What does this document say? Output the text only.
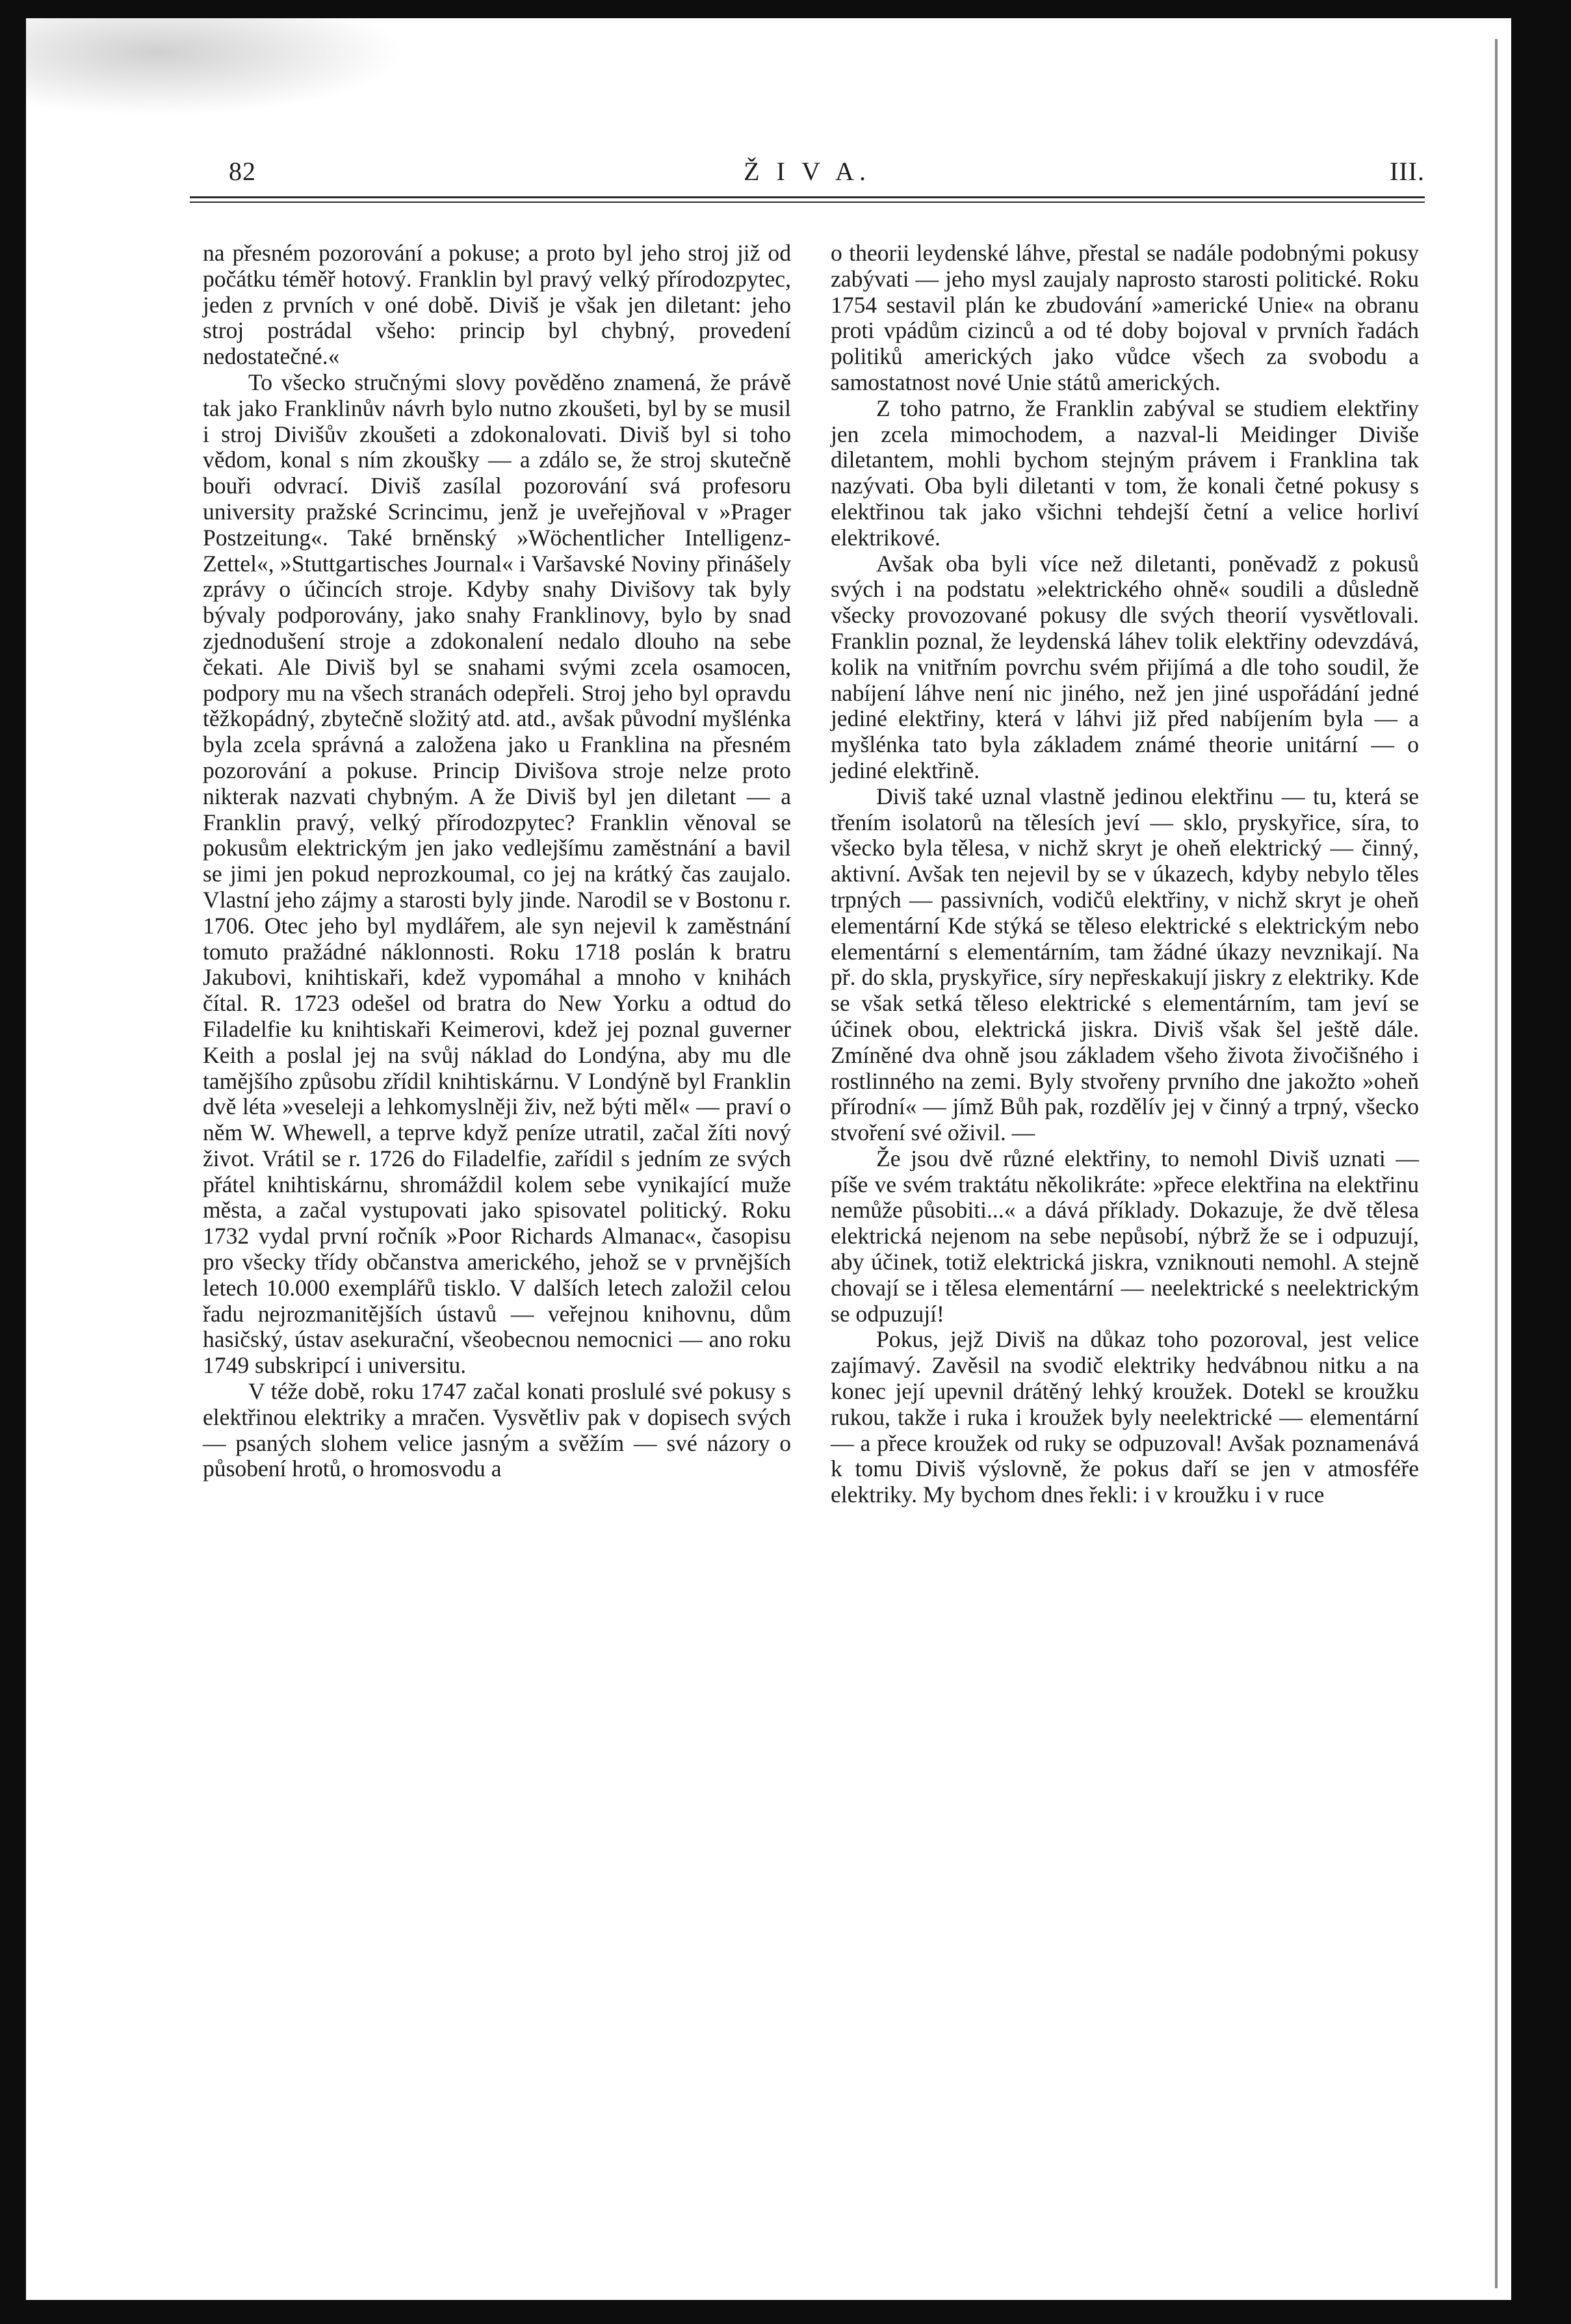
82	Ž I V A.	III.

na přesném pozorování a pokuse; a proto byl jeho stroj již od počátku téměř hotový. Franklin byl pravý velký přírodozpytec, jeden z prvních v oné době. Diviš je však jen diletant: jeho stroj postrádal všeho: princip byl chybný, provedení nedostatečné.«

To všecko stručnými slovy pověděno znamená, že právě tak jako Franklinův návrh bylo nutno zkoušeti, byl by se musil i stroj Divišův zkoušeti a zdokonalovati. Diviš byl si toho vědom, konal s ním zkoušky — a zdálo se, že stroj skutečně bouři odvrací. Diviš zasílal pozorování svá profesoru university pražské Scrincimu, jenž je uveřejňoval v »Prager Postzeitung«. Také brněnský »Wöchentlicher Intelligenz-Zettel«, »Stuttgartisches Journal« i Varšavské Noviny přinášely zprávy o účincích stroje. Kdyby snahy Divišovy tak byly bývaly podporovány, jako snahy Franklinovy, bylo by snad zjednodušení stroje a zdokonalení nedalo dlouho na sebe čekati. Ale Diviš byl se snahami svými zcela osamocen, podpory mu na všech stranách odepřeli. Stroj jeho byl opravdu těžkopádný, zbytečně složitý atd. atd., avšak původní myšlénka byla zcela správná a založena jako u Franklina na přesném pozorování a pokuse. Princip Divišova stroje nelze proto nikterak nazvati chybným. A že Diviš byl jen diletant — a Franklin pravý, velký přírodozpytec? Franklin věnoval se pokusům elektrickým jen jako vedlejšímu zaměstnání a bavil se jimi jen pokud neprozkoumal, co jej na krátký čas zaujalo. Vlastní jeho zájmy a starosti byly jinde. Narodil se v Bostonu r. 1706. Otec jeho byl mydlářem, ale syn nejevil k zaměstnání tomuto pražádné náklonnosti. Roku 1718 poslán k bratru Jakubovi, knihtiskaři, kdež vypomáhal a mnoho v knihách čítal. R. 1723 odešel od bratra do New Yorku a odtud do Filadelfie ku knihtiskaři Keimerovi, kdež jej poznal guverner Keith a poslal jej na svůj náklad do Londýna, aby mu dle tamějšího způsobu zřídil knihtiskárnu. V Londýně byl Franklin dvě léta »veseleji a lehkomyslněji živ, než býti měl« — praví o něm W. Whewell, a teprve když peníze utratil, začal žíti nový život. Vrátil se r. 1726 do Filadelfie, zařídil s jedním ze svých přátel knihtiskárnu, shromáždil kolem sebe vynikající muže města, a začal vystupovati jako spisovatel politický. Roku 1732 vydal první ročník »Poor Richards Almanac«, časopisu pro všecky třídy občanstva amerického, jehož se v prvnějších letech 10.000 exemplářů tisklo. V dalších letech založil celou řadu nejrozmanitějších ústavů — veřejnou knihovnu, dům hasičský, ústav asekurační, všeobecnou nemocnici — ano roku 1749 subskripcí i universitu.

V téže době, roku 1747 začal konati proslulé své pokusy s elektřinou elektriky a mračen. Vysvětliv pak v dopisech svých — psaných slohem velice jasným a svěžím — své názory o působení hrotů, o hromosvodu a

o theorii leydenské láhve, přestal se nadále podobnými pokusy zabývati — jeho mysl zaujaly naprosto starosti politické. Roku 1754 sestavil plán ke zbudování »americké Unie« na obranu proti vpádům cizinců a od té doby bojoval v prvních řadách politiků amerických jako vůdce všech za svobodu a samostatnost nové Unie států amerických.

Z toho patrno, že Franklin zabýval se studiem elektřiny jen zcela mimochodem, a nazval-li Meidinger Diviše diletantem, mohli bychom stejným právem i Franklina tak nazývati. Oba byli diletanti v tom, že konali četné pokusy s elektřinou tak jako všichni tehdejší četní a velice horliví elektrikové.

Avšak oba byli více než diletanti, poněvadž z pokusů svých i na podstatu »elektrického ohně« soudili a důsledně všecky provozované pokusy dle svých theorií vysvětlovali. Franklin poznal, že leydenská láhev tolik elektřiny odevzdává, kolik na vnitřním povrchu svém přijímá a dle toho soudil, že nabíjení láhve není nic jiného, než jen jiné uspořádání jedné jediné elektřiny, která v láhvi již před nabíjením byla — a myšlénka tato byla základem známé theorie unitární — o jediné elektřině.

Diviš také uznal vlastně jedinou elektřinu — tu, která se třením isolatorů na tělesích jeví — sklo, pryskyřice, síra, to všecko byla tělesa, v nichž skryt je oheň elektrický — činný, aktivní. Avšak ten nejevil by se v úkazech, kdyby nebylo těles trpných — passivních, vodičů elektřiny, v nichž skryt je oheň elementární Kde stýká se těleso elektrické s elektrickým nebo elementární s elementárním, tam žádné úkazy nevznikají. Na př. do skla, pryskyřice, síry nepřeskakují jiskry z elektriky. Kde se však setká těleso elektrické s elementárním, tam jeví se účinek obou, elektrická jiskra. Diviš však šel ještě dále. Zmíněné dva ohně jsou základem všeho života živočišného i rostlinného na zemi. Byly stvořeny prvního dne jakožto »oheň přírodní« — jímž Bůh pak, rozdělív jej v činný a trpný, všecko stvoření své oživil. —

Že jsou dvě různé elektřiny, to nemohl Diviš uznati — píše ve svém traktátu několikráte: »přece elektřina na elektřinu nemůže působiti...« a dává příklady. Dokazuje, že dvě tělesa elektrická nejenom na sebe nepůsobí, nýbrž že se i odpuzují, aby účinek, totiž elektrická jiskra, vzniknouti nemohl. A stejně chovají se i tělesa elementární — neelektrické s neelektrickým se odpuzují!

Pokus, jejž Diviš na důkaz toho pozoroval, jest velice zajímavý. Zavěsil na svodič elektriky hedvábnou nitku a na konec její upevnil drátěný lehký kroužek. Dotekl se kroužku rukou, takže i ruka i kroužek byly neelektrické — elementární — a přece kroužek od ruky se odpuzoval! Avšak poznamenává k tomu Diviš výslovně, že pokus daří se jen v atmosféře elektriky. My bychom dnes řekli: i v kroužku i v ruce
